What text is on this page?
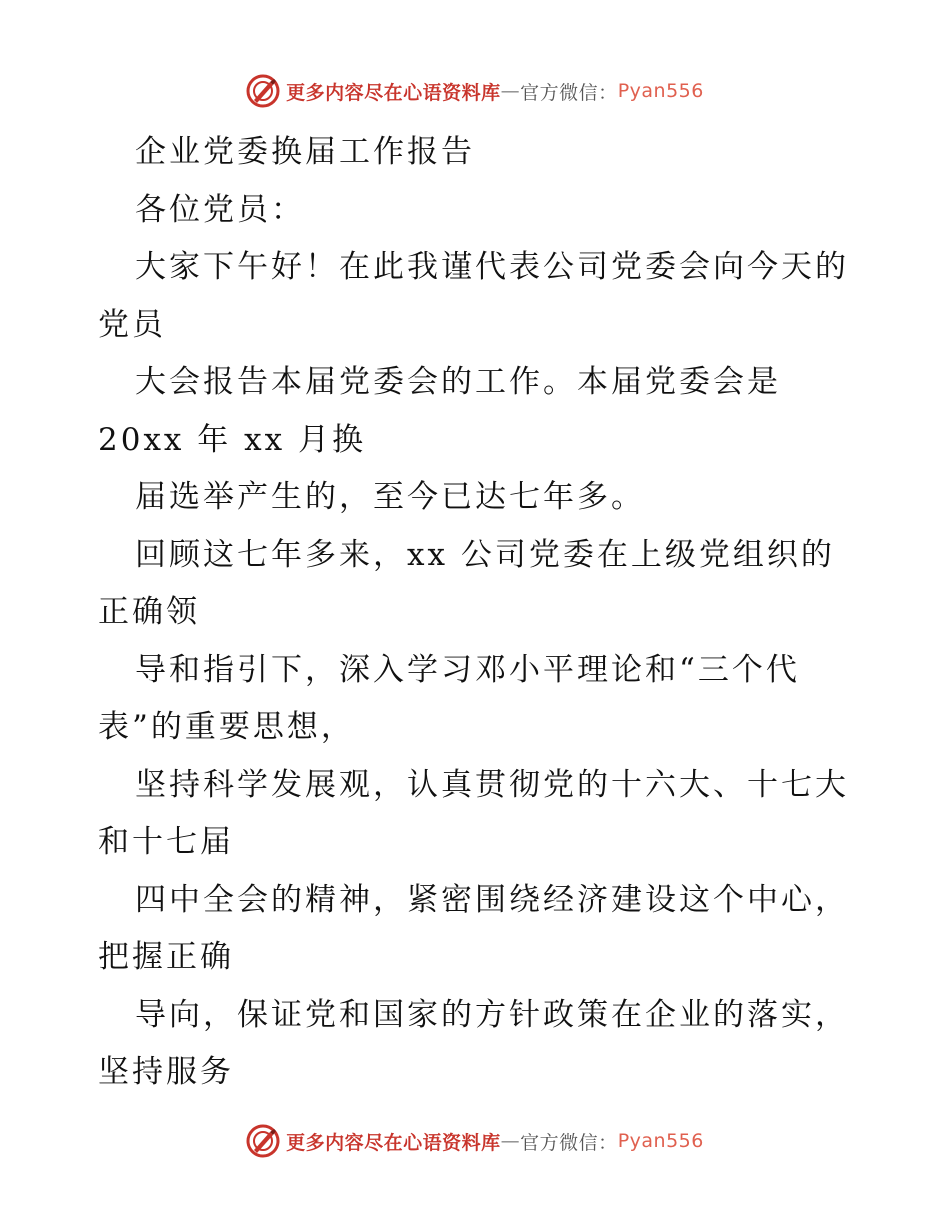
更多内容尽在心语资料库 — 官方微信： Pyan556
企业党委换届工作报告
各位党员：
大家下午好！在此我谨代表公司党委会向今天的
党员
大会报告本届党委会的工作。本届党委会是
20xx 年 xx 月换
届选举产生的，至今已达七年多。
回顾这七年多来，xx 公司党委在上级党组织的
正确领
导和指引下，深入学习邓小平理论和“三个代
表”的重要思想，
坚持科学发展观，认真贯彻党的十六大、十七大
和十七届
四中全会的精神，紧密围绕经济建设这个中心，
把握正确
导向，保证党和国家的方针政策在企业的落实，
坚持服务
更多内容尽在心语资料库 — 官方微信： Pyan556
